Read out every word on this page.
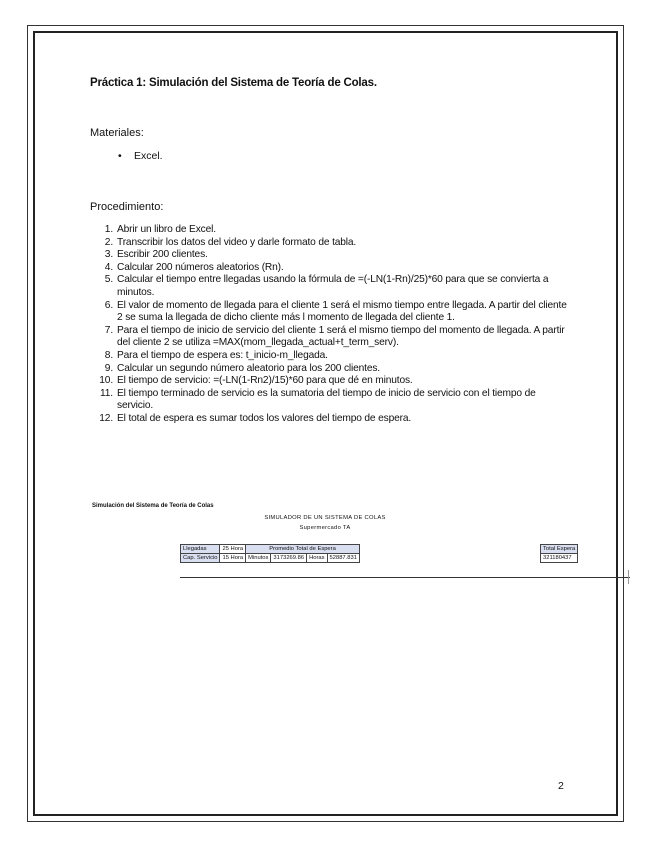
Práctica 1: Simulación del Sistema de Teoría de Colas.
Materiales:
• Excel.
Procedimiento:
1. Abrir un libro de Excel.
2. Transcribir los datos del video y darle formato de tabla.
3. Escribir 200 clientes.
4. Calcular 200 números aleatorios (Rn).
5. Calcular el tiempo entre llegadas usando la fórmula de =(-LN(1-Rn)/25)*60 para que se convierta a minutos.
6. El valor de momento de llegada para el cliente 1 será el mismo tiempo entre llegada. A partir del cliente 2 se suma la llegada de dicho cliente más l momento de llegada del cliente 1.
7. Para el tiempo de inicio de servicio del cliente 1 será el mismo tiempo del momento de llegada. A partir del cliente 2 se utiliza =MAX(mom_llegada_actual+t_term_serv).
8. Para el tiempo de espera es: t_inicio-m_llegada.
9. Calcular un segundo número aleatorio para los 200 clientes.
10. El tiempo de servicio: =(-LN(1-Rn2)/15)*60 para que dé en minutos.
11. El tiempo terminado de servicio es la sumatoria del tiempo de inicio de servicio con el tiempo de servicio.
12. El total de espera es sumar todos los valores del tiempo de espera.
Simulación del Sistema de Teoría de Colas
SIMULADOR DE UN SISTEMA DE COLAS
Supermercado TA
Llegadas	25 Hora	Promedio Total de Espera			
Cap. Servicio	15 Hora	Minutos	3173269.86	Horas	52887.831
Total Espera
321180437
2
